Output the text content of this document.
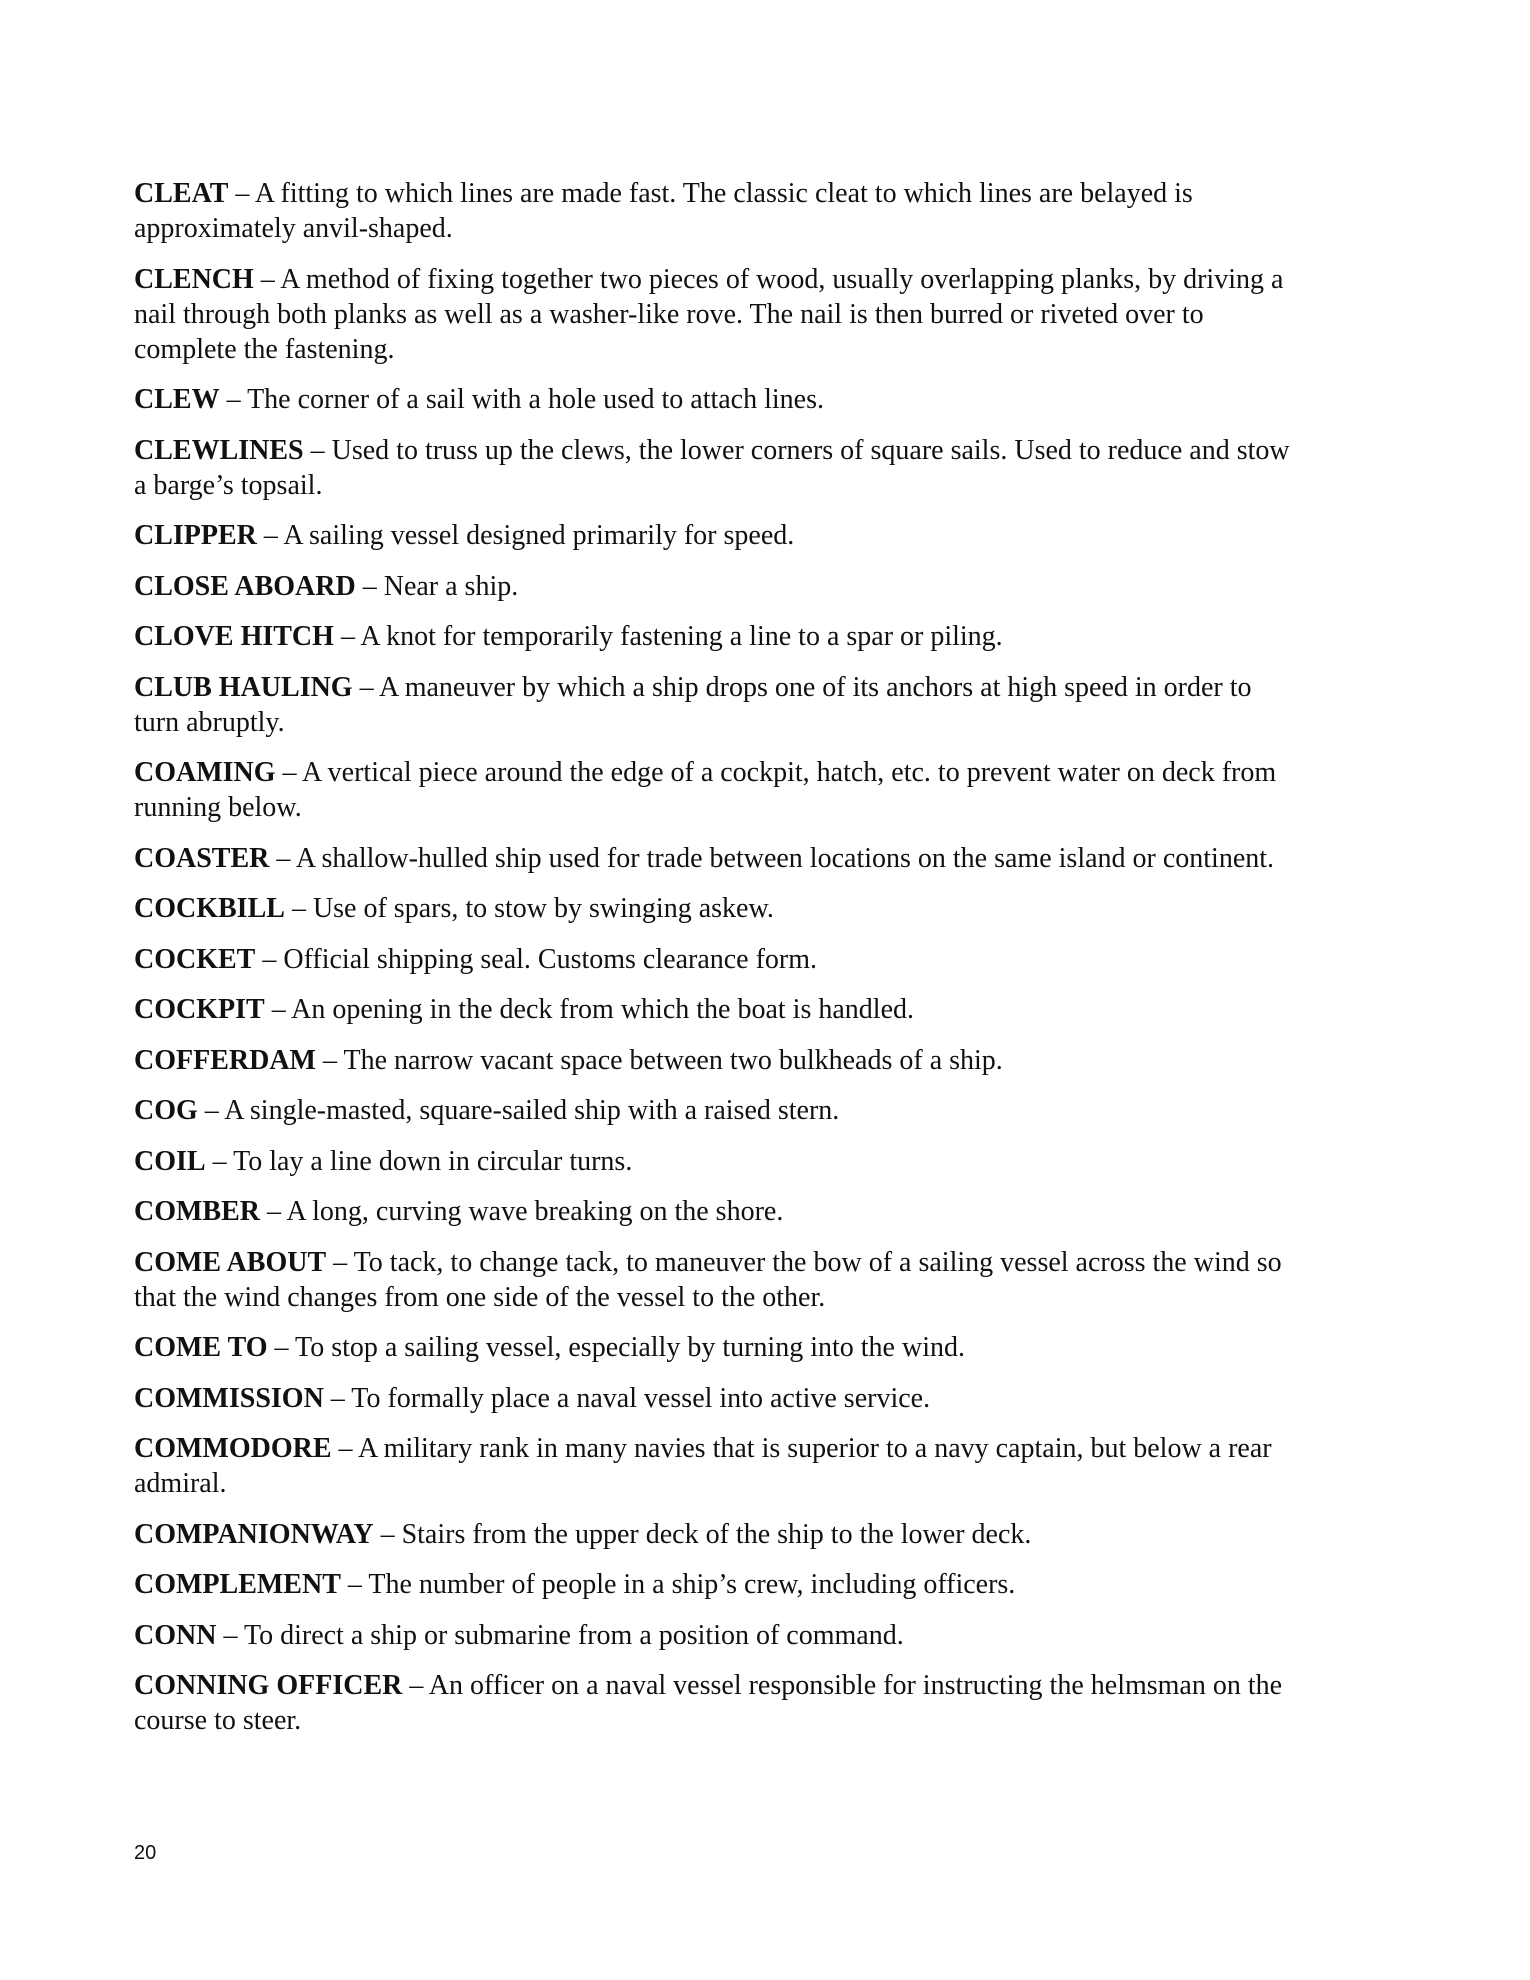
CLEAT – A fitting to which lines are made fast. The classic cleat to which lines are belayed is
approximately anvil-shaped.

CLENCH – A method of fixing together two pieces of wood, usually overlapping planks, by driving a
nail through both planks as well as a washer-like rove. The nail is then burred or riveted over to
complete the fastening.

CLEW – The corner of a sail with a hole used to attach lines.

CLEWLINES – Used to truss up the clews, the lower corners of square sails. Used to reduce and stow
a barge’s topsail.

CLIPPER – A sailing vessel designed primarily for speed.

CLOSE ABOARD – Near a ship.

CLOVE HITCH – A knot for temporarily fastening a line to a spar or piling.

CLUB HAULING – A maneuver by which a ship drops one of its anchors at high speed in order to
turn abruptly.

COAMING – A vertical piece around the edge of a cockpit, hatch, etc. to prevent water on deck from
running below.

COASTER – A shallow-hulled ship used for trade between locations on the same island or continent.

COCKBILL – Use of spars, to stow by swinging askew.

COCKET – Official shipping seal. Customs clearance form.

COCKPIT – An opening in the deck from which the boat is handled.

COFFERDAM – The narrow vacant space between two bulkheads of a ship.

COG – A single-masted, square-sailed ship with a raised stern.

COIL – To lay a line down in circular turns.

COMBER – A long, curving wave breaking on the shore.

COME ABOUT – To tack, to change tack, to maneuver the bow of a sailing vessel across the wind so
that the wind changes from one side of the vessel to the other.

COME TO – To stop a sailing vessel, especially by turning into the wind.

COMMISSION – To formally place a naval vessel into active service.

COMMODORE – A military rank in many navies that is superior to a navy captain, but below a rear
admiral.

COMPANIONWAY – Stairs from the upper deck of the ship to the lower deck.

COMPLEMENT – The number of people in a ship’s crew, including officers.

CONN – To direct a ship or submarine from a position of command.

CONNING OFFICER – An officer on a naval vessel responsible for instructing the helmsman on the
course to steer.

20
